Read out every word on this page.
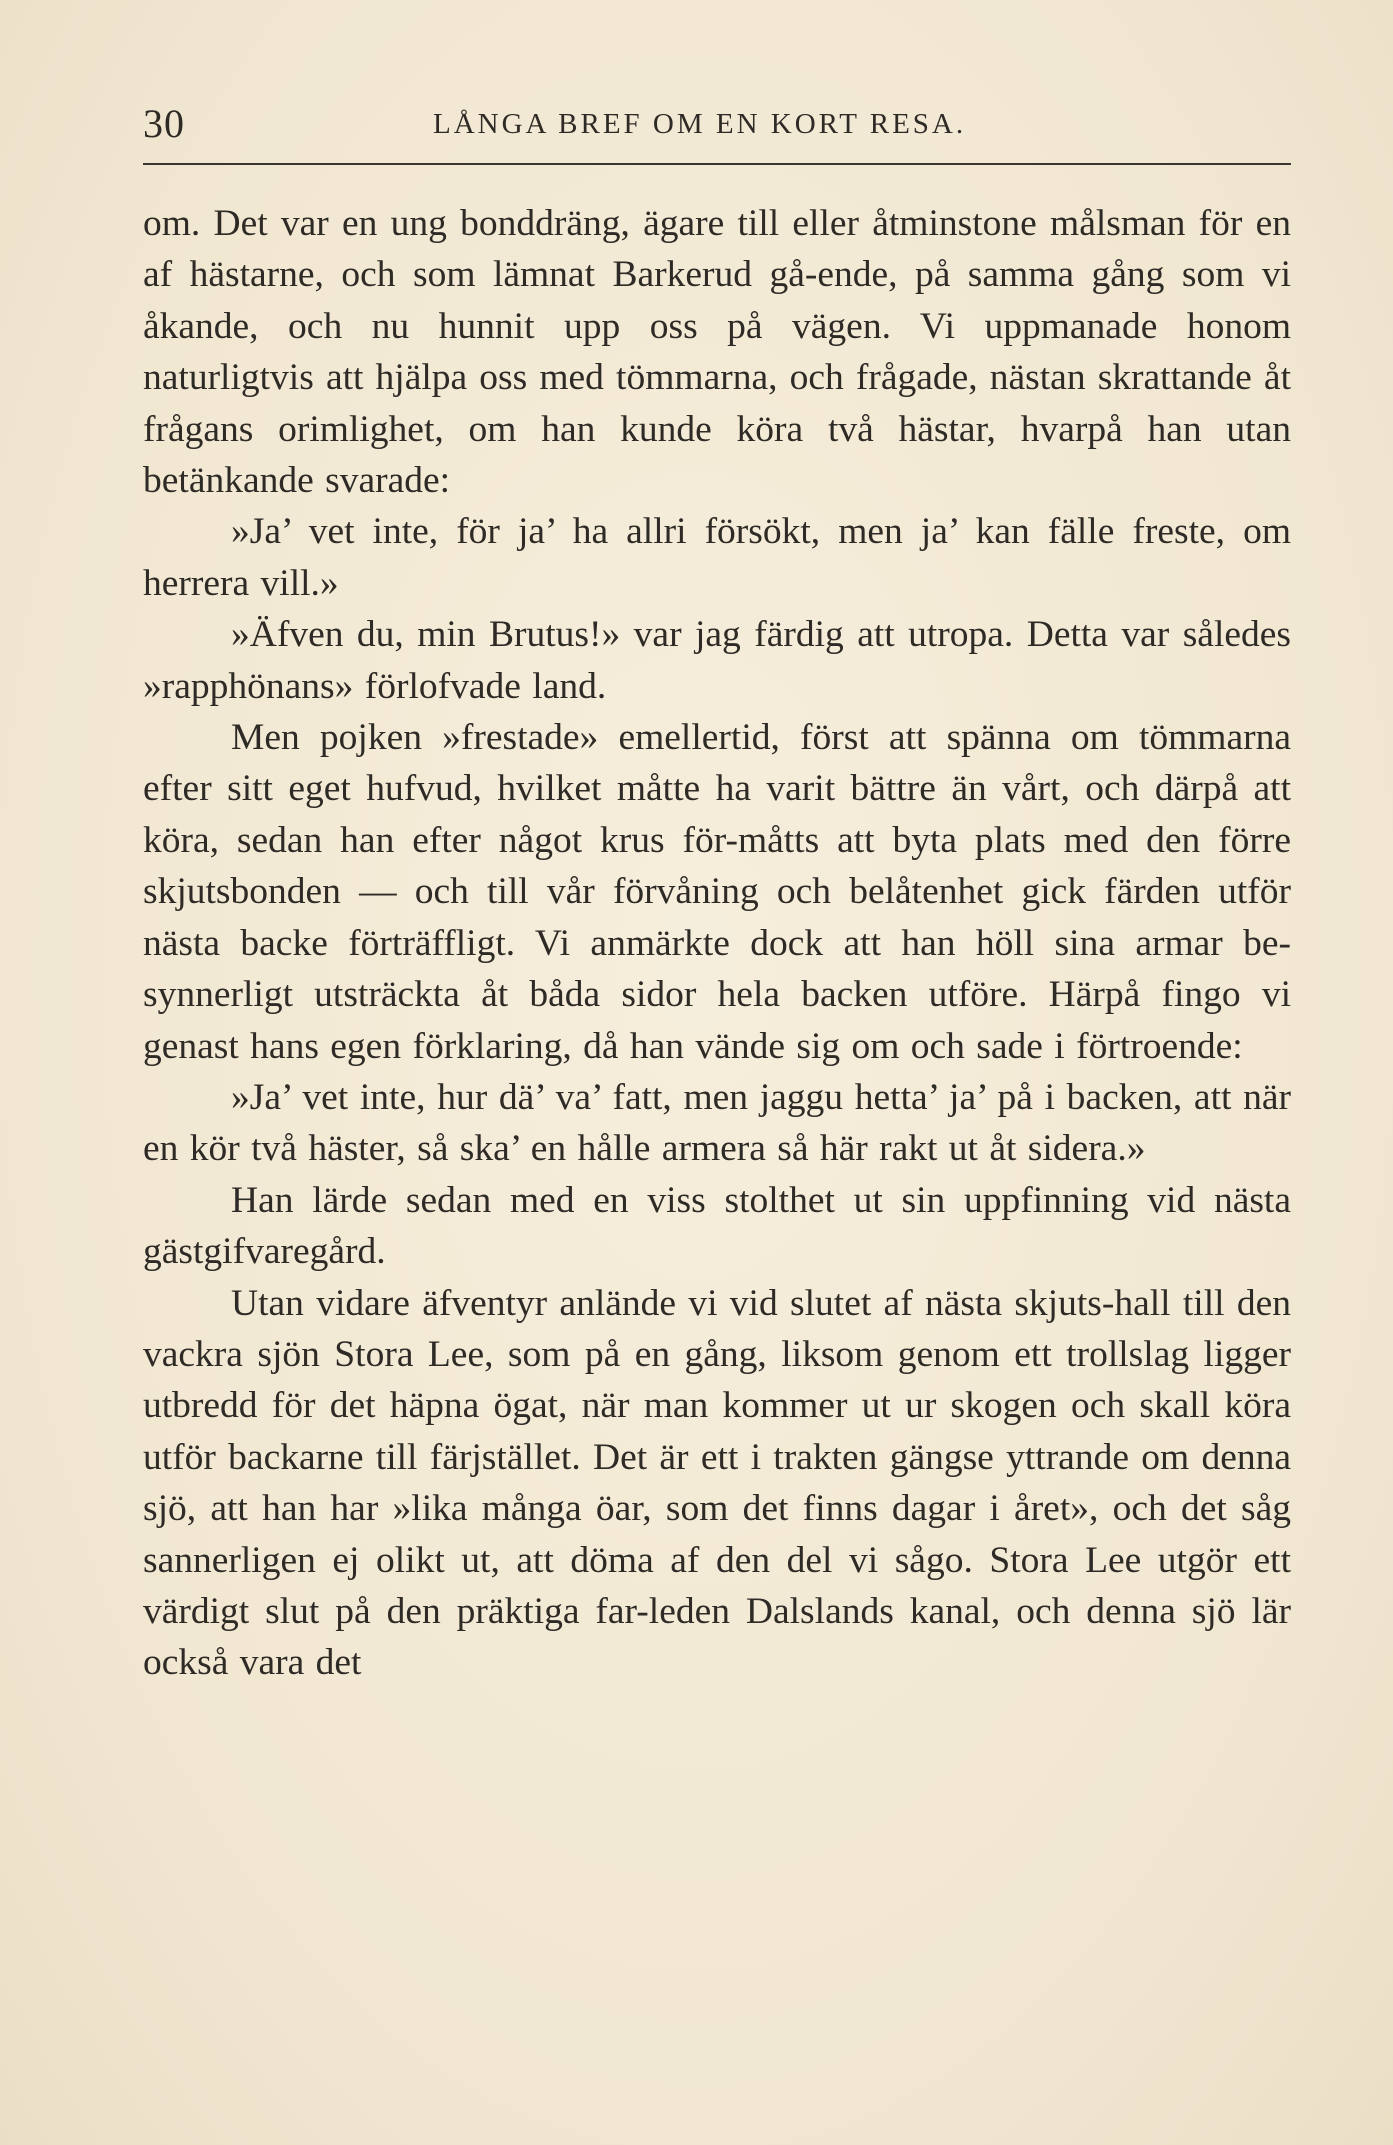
30	LÅNGA BREF OM EN KORT RESA.

om. Det var en ung bonddräng, ägare till eller åtminstone målsman för en af hästarne, och som lämnat Barkerud gå-ende, på samma gång som vi åkande, och nu hunnit upp oss på vägen. Vi uppmanade honom naturligtvis att hjälpa oss med tömmarna, och frågade, nästan skrattande åt frågans orimlighet, om han kunde köra två hästar, hvarpå han utan betänkande svarade:

»Ja’ vet inte, för ja’ ha allri försökt, men ja’ kan fälle freste, om herrera vill.»

»Äfven du, min Brutus!» var jag färdig att utropa. Detta var således »rapphönans» förlofvade land.

Men pojken »frestade» emellertid, först att spänna om tömmarna efter sitt eget hufvud, hvilket måtte ha varit bättre än vårt, och därpå att köra, sedan han efter något krus för-måtts att byta plats med den förre skjutsbonden — och till vår förvåning och belåtenhet gick färden utför nästa backe förträffligt. Vi anmärkte dock att han höll sina armar be-synnerligt utsträckta åt båda sidor hela backen utföre. Härpå fingo vi genast hans egen förklaring, då han vände sig om och sade i förtroende:

»Ja’ vet inte, hur dä’ va’ fatt, men jaggu hetta’ ja’ på i backen, att när en kör två häster, så ska’ en hålle armera så här rakt ut åt sidera.»

Han lärde sedan med en viss stolthet ut sin uppfinning vid nästa gästgifvaregård.

Utan vidare äfventyr anlände vi vid slutet af nästa skjuts-hall till den vackra sjön Stora Lee, som på en gång, liksom genom ett trollslag ligger utbredd för det häpna ögat, när man kommer ut ur skogen och skall köra utför backarne till färjstället. Det är ett i trakten gängse yttrande om denna sjö, att han har »lika många öar, som det finns dagar i året», och det såg sannerligen ej olikt ut, att döma af den del vi sågo. Stora Lee utgör ett värdigt slut på den präktiga far-leden Dalslands kanal, och denna sjö lär också vara det
